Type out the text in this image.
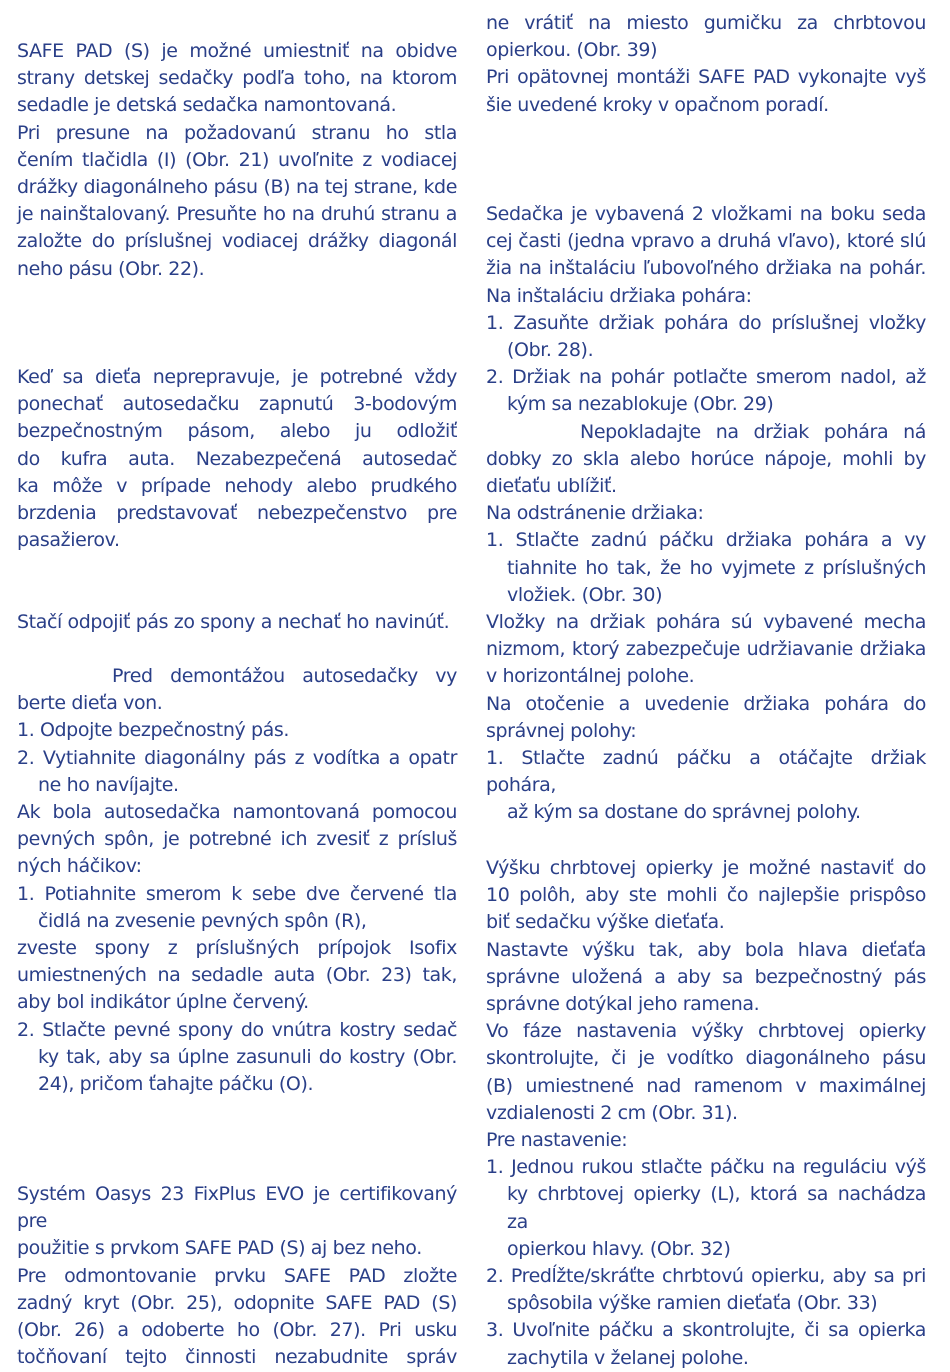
SAFE PAD (S) je možné umiestniť na obidve
strany detskej sedačky podľa toho, na ktorom
sedadle je detská sedačka namontovaná.
Pri presune na požadovanú stranu ho stla
čením tlačidla (I) (Obr. 21) uvoľnite z vodiacej
drážky diagonálneho pásu (B) na tej strane, kde
je nainštalovaný. Presuňte ho na druhú stranu a
založte do príslušnej vodiacej drážky diagonál
neho pásu (Obr. 22).
Keď sa dieťa neprepravuje, je potrebné vždy
ponechať autosedačku zapnutú 3-bodovým
bezpečnostným pásom, alebo ju odložiť
do kufra auta. Nezabezpečená autosedač
ka môže v prípade nehody alebo prudkého
brzdenia predstavovať nebezpečenstvo pre
pasažierov.
Stačí odpojiť pás zo spony a nechať ho navinúť.
Pred demontážou autosedačky vy
berte dieťa von.
1. Odpojte bezpečnostný pás.
2. Vytiahnite diagonálny pás z vodítka a opatr
ne ho navíjajte.
Ak bola autosedačka namontovaná pomocou
pevných spôn, je potrebné ich zvesiť z prísluš
ných háčikov:
1. Potiahnite smerom k sebe dve červené tla
čidlá na zvesenie pevných spôn (R),
zveste spony z príslušných prípojok Isofix
umiestnených na sedadle auta (Obr. 23) tak,
aby bol indikátor úplne červený.
2. Stlačte pevné spony do vnútra kostry sedač
ky tak, aby sa úplne zasunuli do kostry (Obr.
24), pričom ťahajte páčku (O).
Systém Oasys 23 FixPlus EVO je certifikovaný pre
použitie s prvkom SAFE PAD (S) aj bez neho.
Pre odmontovanie prvku SAFE PAD zložte
zadný kryt (Obr. 25), odopnite SAFE PAD (S)
(Obr. 26) a odoberte ho (Obr. 27). Pri usku
točňovaní tejto činnosti nezabudnite správ
ne vrátiť na miesto gumičku za chrbtovou
opierkou. (Obr. 39)
Pri opätovnej montáži SAFE PAD vykonajte vyš
šie uvedené kroky v opačnom poradí.
Sedačka je vybavená 2 vložkami na boku seda
cej časti (jedna vpravo a druhá vľavo), ktoré slú
žia na inštaláciu ľubovoľného držiaka na pohár.
Na inštaláciu držiaka pohára:
1. Zasuňte držiak pohára do príslušnej vložky
(Obr. 28).
2. Držiak na pohár potlačte smerom nadol, až
kým sa nezablokuje (Obr. 29)
Nepokladajte na držiak pohára ná
dobky zo skla alebo horúce nápoje, mohli by
dieťaťu ublížiť.
Na odstránenie držiaka:
1. Stlačte zadnú páčku držiaka pohára a vy
tiahnite ho tak, že ho vyjmete z príslušných
vložiek. (Obr. 30)
Vložky na držiak pohára sú vybavené mecha
nizmom, ktorý zabezpečuje udržiavanie držiaka
v horizontálnej polohe.
Na otočenie a uvedenie držiaka pohára do
správnej polohy:
1. Stlačte zadnú páčku a otáčajte držiak pohára,
až kým sa dostane do správnej polohy.
Výšku chrbtovej opierky je možné nastaviť do
10 polôh, aby ste mohli čo najlepšie prispôso
biť sedačku výške dieťaťa.
Nastavte výšku tak, aby bola hlava dieťaťa
správne uložená a aby sa bezpečnostný pás
správne dotýkal jeho ramena.
Vo fáze nastavenia výšky chrbtovej opierky
skontrolujte, či je vodítko diagonálneho pásu
(B) umiestnené nad ramenom v maximálnej
vzdialenosti 2 cm (Obr. 31).
Pre nastavenie:
1. Jednou rukou stlačte páčku na reguláciu výš
ky chrbtovej opierky (L), ktorá sa nachádza za
opierkou hlavy. (Obr. 32)
2. Predĺžte/skráťte chrbtovú opierku, aby sa pri
spôsobila výške ramien dieťaťa (Obr. 33)
3. Uvoľnite páčku a skontrolujte, či sa opierka
zachytila v želanej polohe.
